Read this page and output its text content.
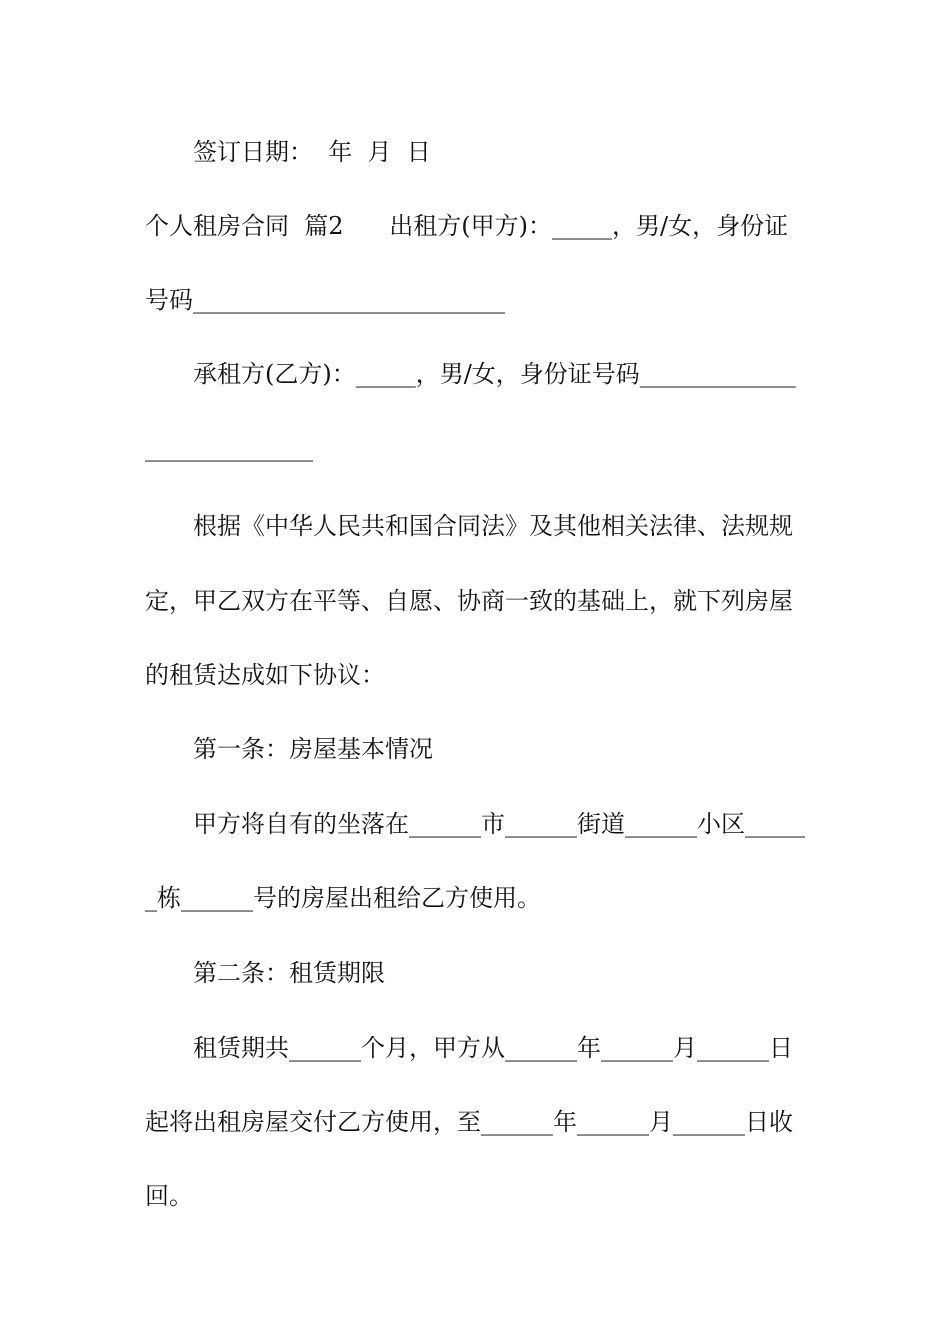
签订日期：  年  月  日
个人租房合同  篇2      出租方(甲方)：_____，男/女，身份证
号码__________________________
承租方(乙方)：_____，男/女，身份证号码_____________
______________
根据《中华人民共和国合同法》及其他相关法律、法规规
定，甲乙双方在平等、自愿、协商一致的基础上，就下列房屋
的租赁达成如下协议：
第一条：房屋基本情况
甲方将自有的坐落在______市______街道______小区_____
_栋______号的房屋出租给乙方使用。
第二条：租赁期限
租赁期共______个月，甲方从______年______月______日
起将出租房屋交付乙方使用，至______年______月______日收
回。
